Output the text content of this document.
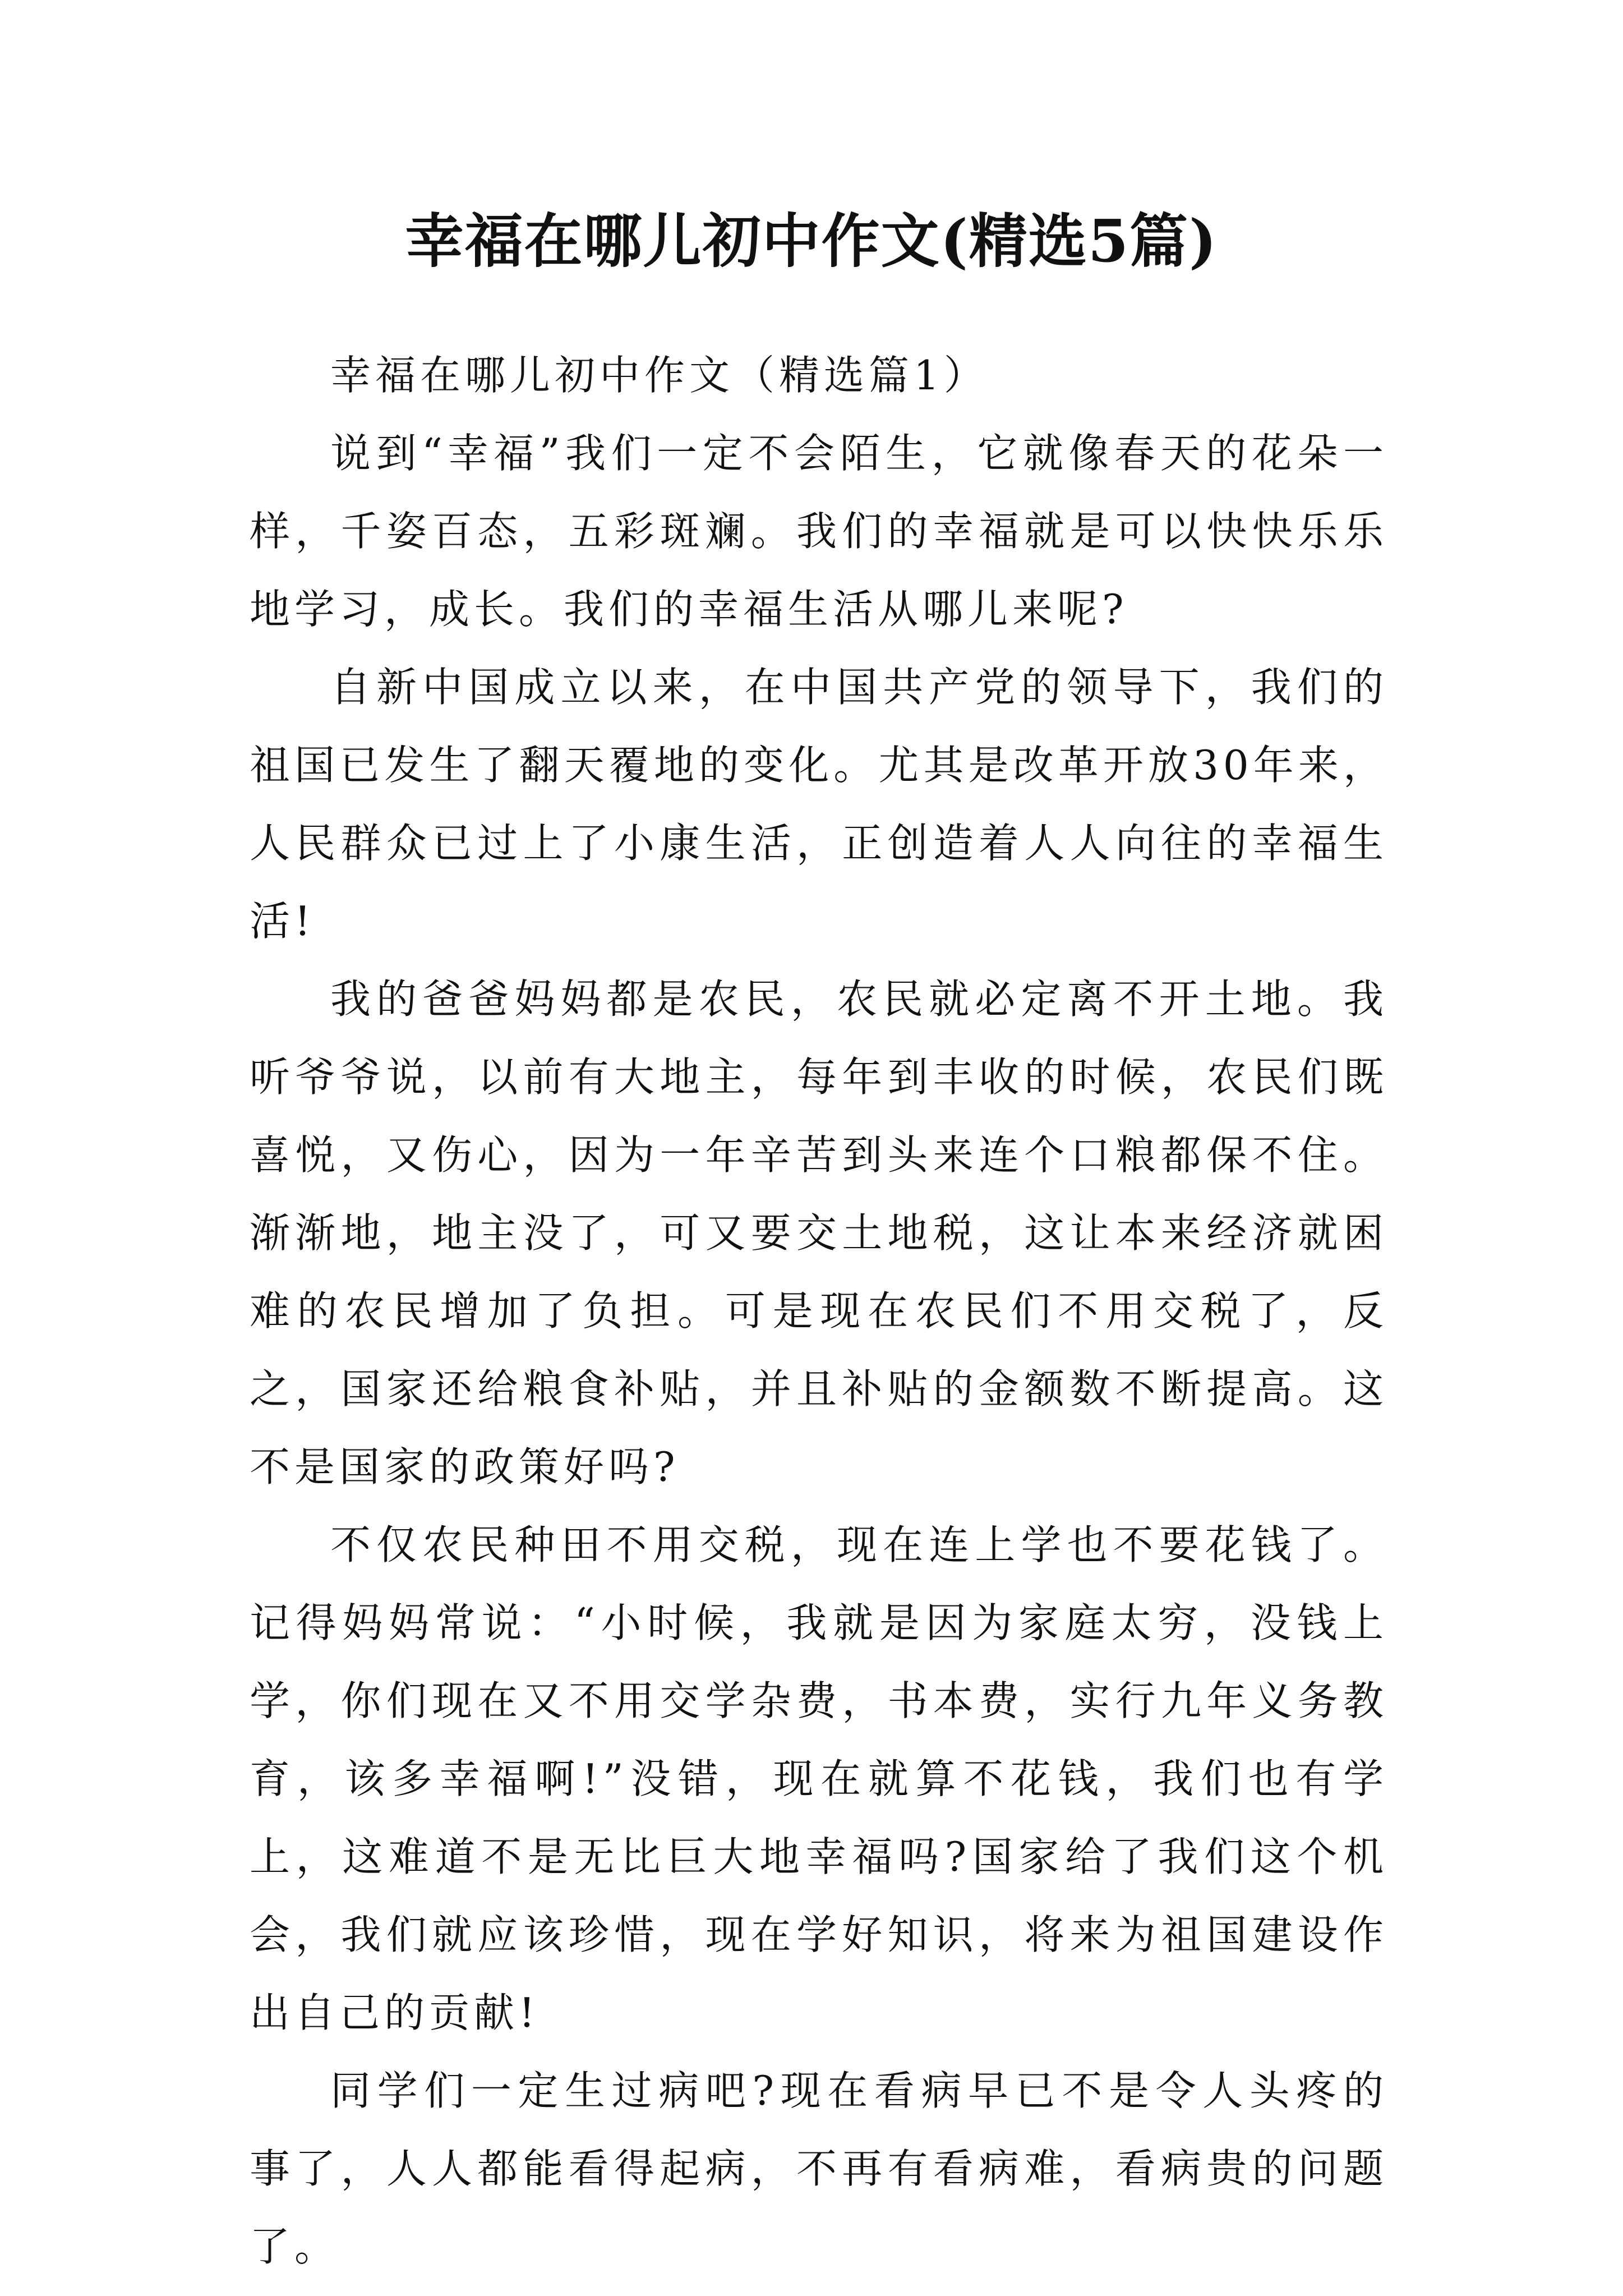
幸福在哪儿初中作文(精选5篇)

幸福在哪儿初中作文（精选篇1）

说到“幸福”我们一定不会陌生，它就像春天的花朵一样，千姿百态，五彩斑斓。我们的幸福就是可以快快乐乐地学习，成长。我们的幸福生活从哪儿来呢?

自新中国成立以来，在中国共产党的领导下，我们的祖国已发生了翻天覆地的变化。尤其是改革开放30年来，人民群众已过上了小康生活，正创造着人人向往的幸福生活!

我的爸爸妈妈都是农民，农民就必定离不开土地。我听爷爷说，以前有大地主，每年到丰收的时候，农民们既喜悦，又伤心，因为一年辛苦到头来连个口粮都保不住。渐渐地，地主没了，可又要交土地税，这让本来经济就困难的农民增加了负担。可是现在农民们不用交税了，反之，国家还给粮食补贴，并且补贴的金额数不断提高。这不是国家的政策好吗?

不仅农民种田不用交税，现在连上学也不要花钱了。记得妈妈常说：“小时候，我就是因为家庭太穷，没钱上学，你们现在又不用交学杂费，书本费，实行九年义务教育，该多幸福啊!”没错，现在就算不花钱，我们也有学上，这难道不是无比巨大地幸福吗?国家给了我们这个机会，我们就应该珍惜，现在学好知识，将来为祖国建设作出自己的贡献!

同学们一定生过病吧?现在看病早已不是令人头疼的事了，人人都能看得起病，不再有看病难，看病贵的问题了。
